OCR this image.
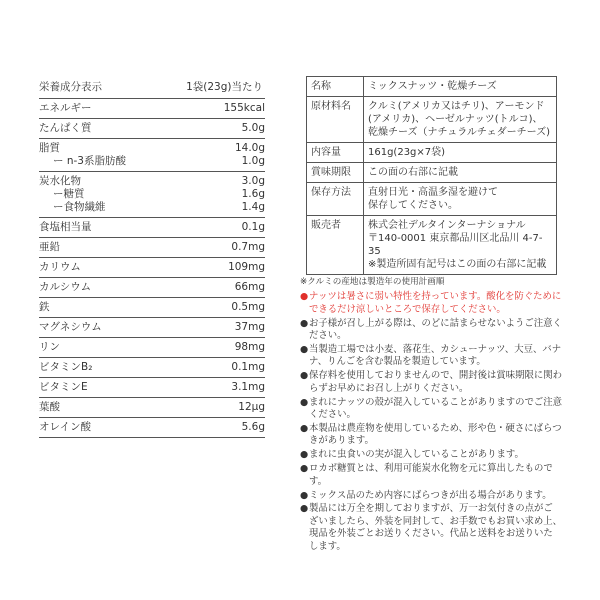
栄養成分表示	1袋(23g)当たり
エネルギー	155kcal
たんぱく質	5.0g
脂質	14.0g
ー n-3系脂肪酸	1.0g
炭水化物	3.0g
ー糖質	1.6g
ー食物繊維	1.4g
食塩相当量	0.1g
亜鉛	0.7mg
カリウム	109mg
カルシウム	66mg
鉄	0.5mg
マグネシウム	37mg
リン	98mg
ビタミンB₂	0.1mg
ビタミンE	3.1mg
葉酸	12μg
オレイン酸	5.6g
名称	ミックスナッツ・乾燥チーズ
原材料名	クルミ(アメリカ又はチリ)、アーモンド
(アメリカ)、ヘーゼルナッツ(トルコ)、
乾燥チーズ（ナチュラルチェダーチーズ)
内容量	161g(23g×7袋)
賞味期限	この面の右部に記載
保存方法	直射日光・高温多湿を避けて
保存してください。
販売者	株式会社デルタインターナショナル
〒140-0001 東京都品川区北品川 4-7-35
※製造所固有記号はこの面の右部に記載
※クルミの産地は製造年の使用計画順
● ナッツは暑さに弱い特性を持っています。酸化を防ぐためにできるだけ涼しいところで保存してください。
● お子様が召し上がる際は、のどに詰まらせないようご注意ください。
● 当製造工場では小麦、落花生、カシューナッツ、大豆、バナナ、りんごを含む製品を製造しています。
● 保存料を使用しておりませんので、開封後は賞味期限に関わらずお早めにお召し上がりください。
● まれにナッツの殻が混入していることがありますのでご注意ください。
● 本製品は農産物を使用しているため、形や色・硬さにばらつきがあります。
● まれに虫食いの実が混入していることがあります。
● ロカボ糖質とは、利用可能炭水化物を元に算出したものです。
● ミックス品のため内容にばらつきが出る場合があります。
● 製品には万全を期しておりますが、万一お気付きの点がございましたら、外装を同封して、お手数でもお買い求め上、現品を外装ごとお送りください。代品と送料をお送りいたします。
